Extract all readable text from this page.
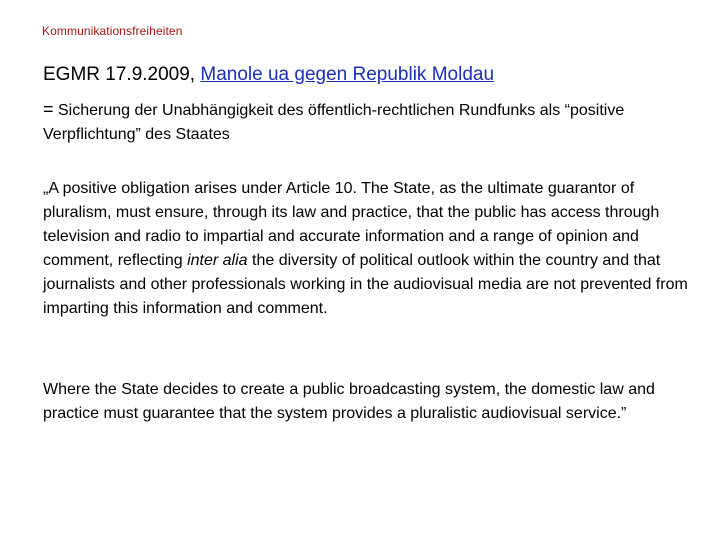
Kommunikationsfreiheiten
EGMR 17.9.2009, Manole ua gegen Republik Moldau
= Sicherung der Unabhängigkeit des öffentlich-rechtlichen Rundfunks als “positive Verpflichtung” des Staates
„A positive obligation arises under Article 10. The State, as the ultimate guarantor of pluralism, must ensure, through its law and practice, that the public has access through television and radio to impartial and accurate information and a range of opinion and comment, reflecting inter alia the diversity of political outlook within the country and that journalists and other professionals working in the audiovisual media are not prevented from imparting this information and comment.
Where the State decides to create a public broadcasting system, the domestic law and practice must guarantee that the system provides a pluralistic audiovisual service.”
